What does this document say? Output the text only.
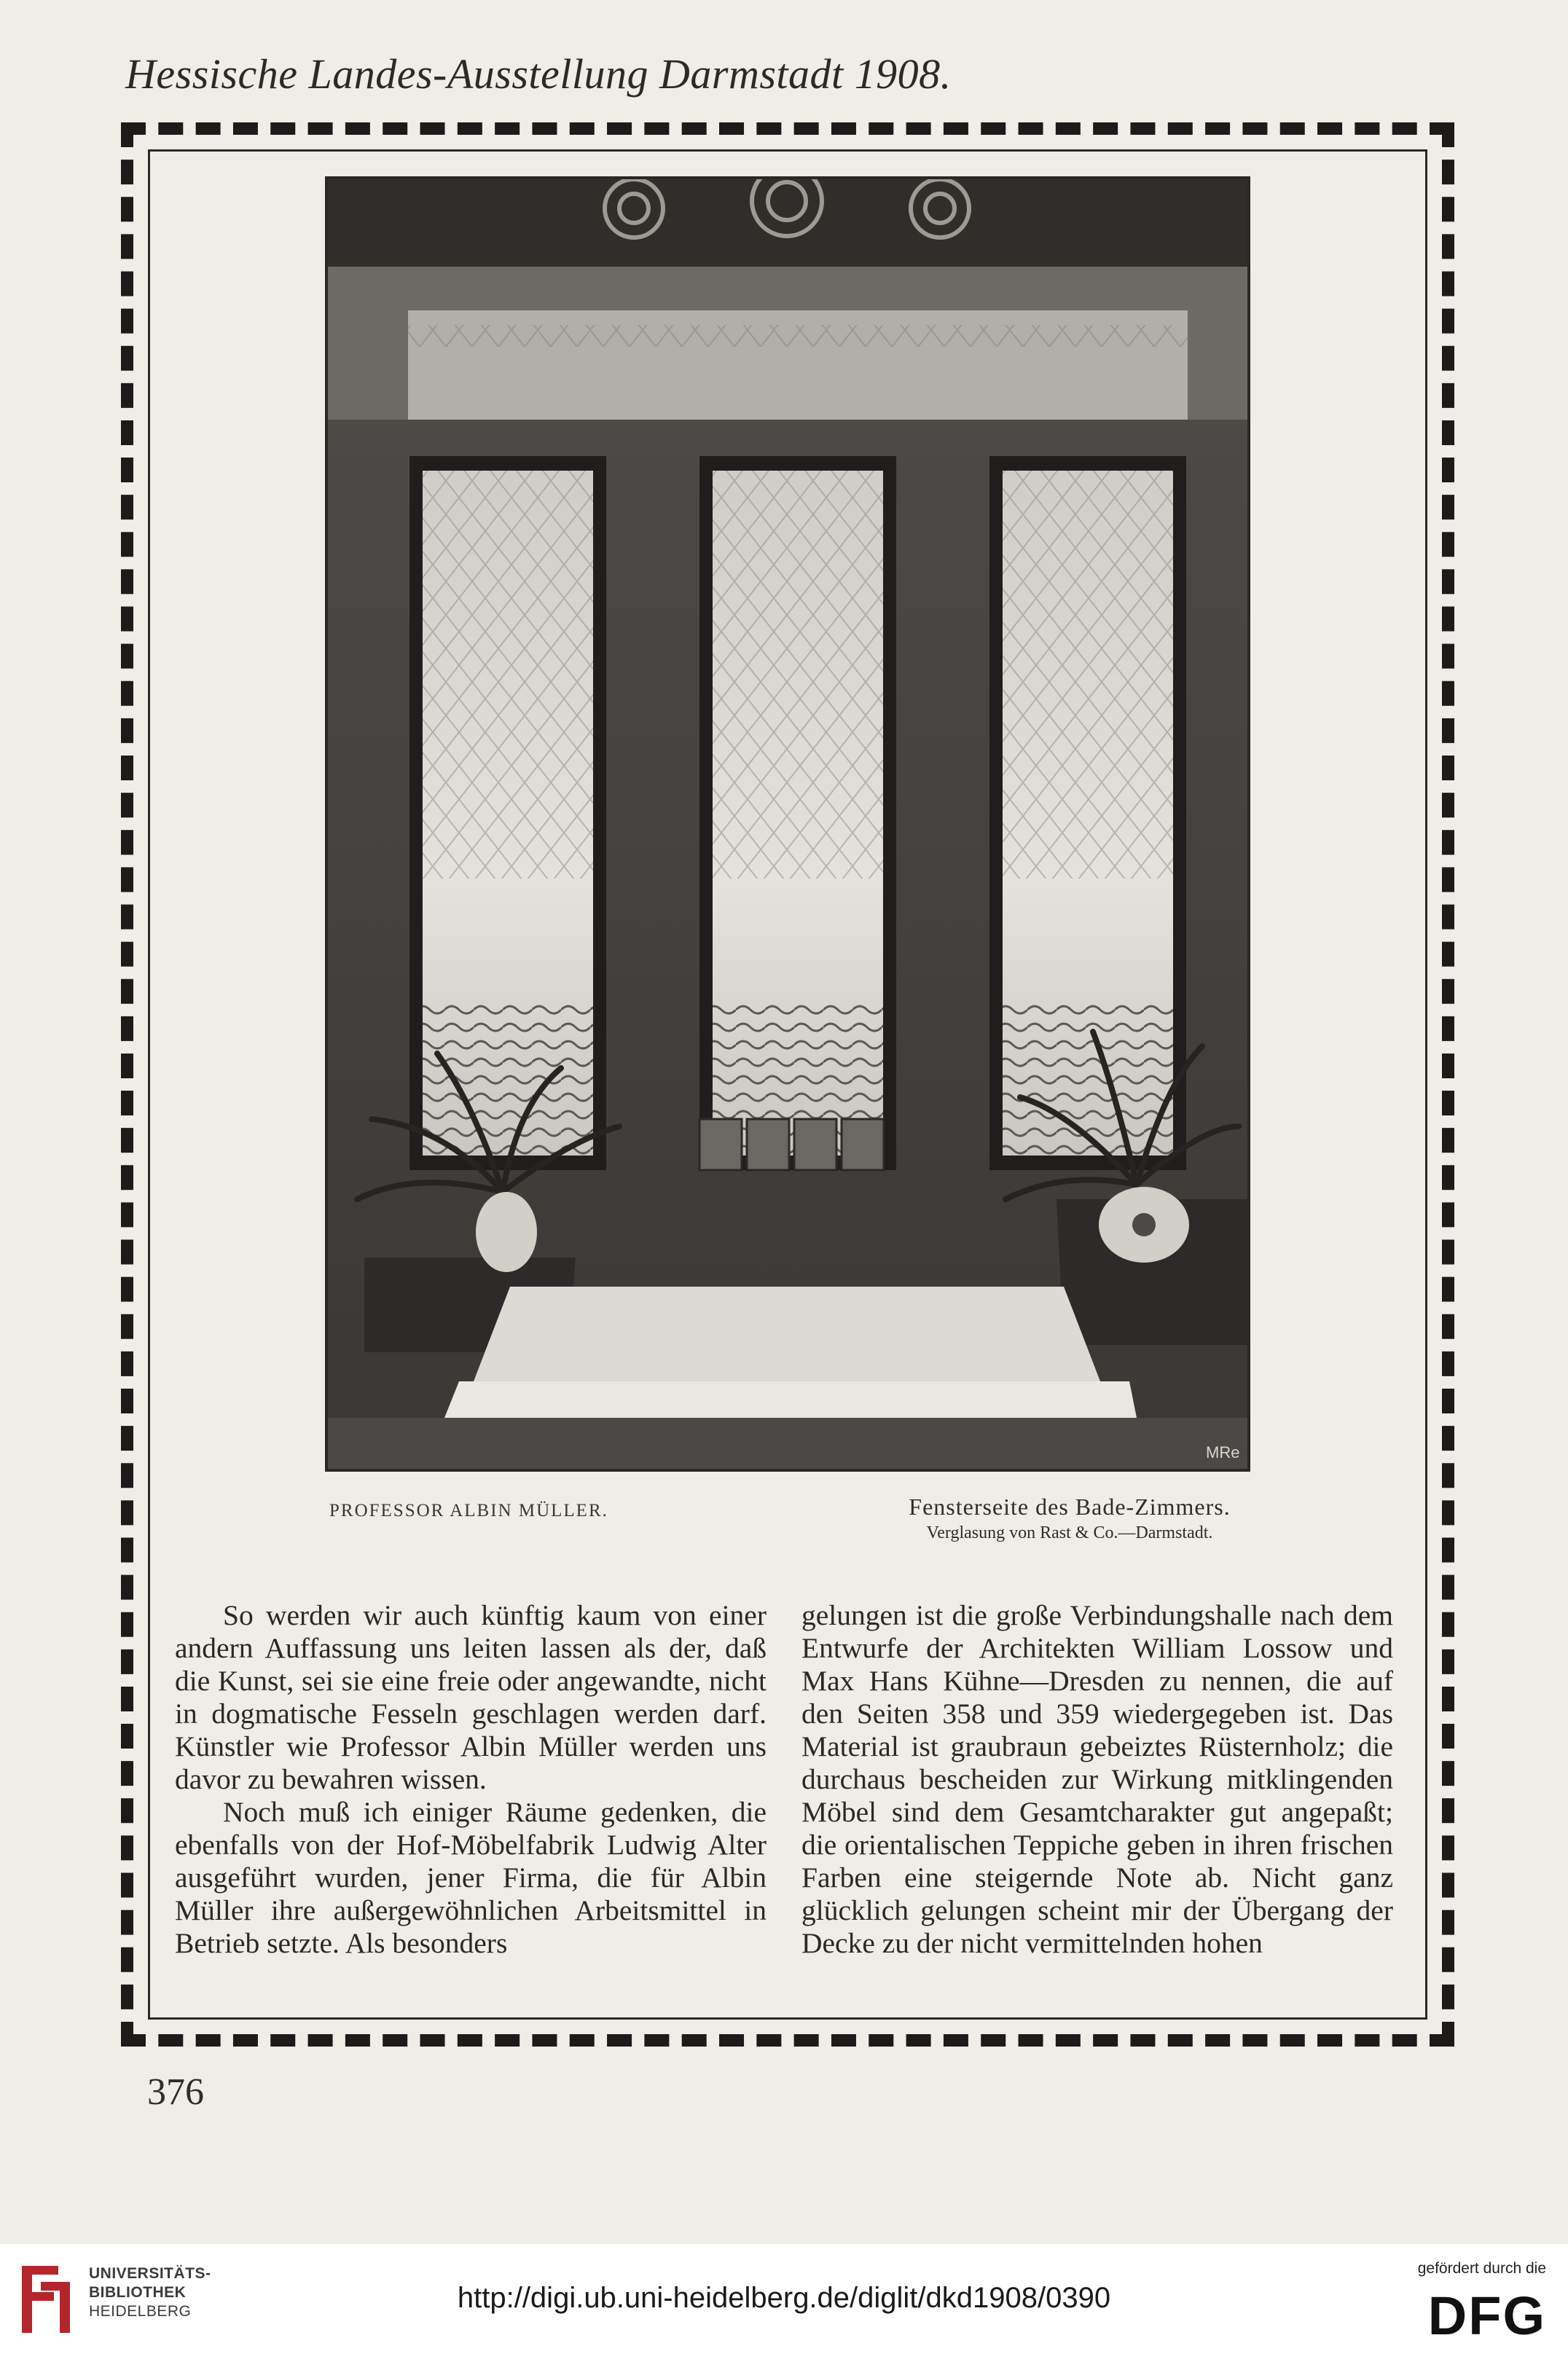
Hessische Landes-Ausstellung Darmstadt 1908.
MRe
PROFESSOR ALBIN MÜLLER.	Fensterseite des Bade-Zimmers.
Verglasung von Rast & Co.—Darmstadt.

So werden wir auch künftig kaum von einer andern Auffassung uns leiten lassen als der, daß die Kunst, sei sie eine freie oder angewandte, nicht in dogmatische Fesseln geschlagen werden darf. Künstler wie Professor Albin Müller werden uns davor zu bewahren wissen.

Noch muß ich einiger Räume gedenken, die ebenfalls von der Hof-Möbelfabrik Ludwig Alter ausgeführt wurden, jener Firma, die für Albin Müller ihre außergewöhnlichen Arbeitsmittel in Betrieb setzte. Als besonders

gelungen ist die große Verbindungshalle nach dem Entwurfe der Architekten William Lossow und Max Hans Kühne—Dresden zu nennen, die auf den Seiten 358 und 359 wiedergegeben ist. Das Material ist graubraun gebeiztes Rüsternholz; die durchaus bescheiden zur Wirkung mitklingenden Möbel sind dem Gesamtcharakter gut angepaßt; die orientalischen Teppiche geben in ihren frischen Farben eine steigernde Note ab. Nicht ganz glücklich gelungen scheint mir der Übergang der Decke zu der nicht vermittelnden hohen

376
UNIVERSITÄTS-
BIBLIOTHEK
HEIDELBERG	http://digi.ub.uni-heidelberg.de/diglit/dkd1908/0390
gefördert durch die
DFG
